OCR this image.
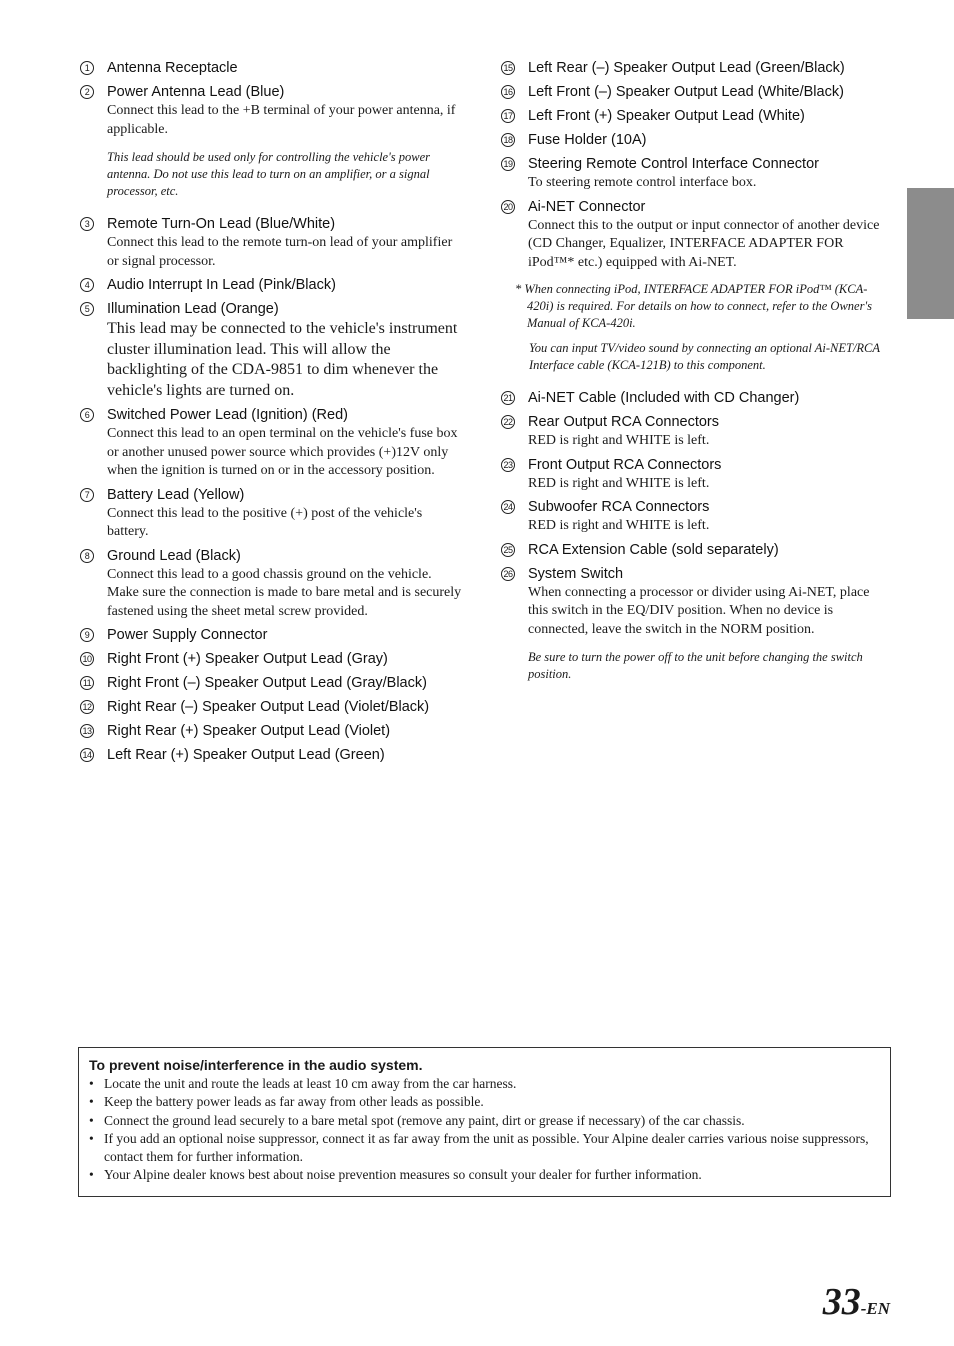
1	Antenna Receptacle
2	Power Antenna Lead (Blue)
Connect this lead to the +B terminal of your power antenna, if applicable.
This lead should be used only for controlling the vehicle's power antenna. Do not use this lead to turn on an amplifier, or a signal processor, etc.
3	Remote Turn-On Lead (Blue/White)
Connect this lead to the remote turn-on lead of your amplifier or signal processor.
4	Audio Interrupt In Lead (Pink/Black)
5	Illumination Lead (Orange)
This lead may be connected to the vehicle's instrument cluster illumination lead. This will allow the backlighting of the CDA-9851 to dim whenever the vehicle's lights are turned on.
6	Switched Power Lead (Ignition) (Red)
Connect this lead to an open terminal on the vehicle's fuse box or another unused power source which provides (+)12V only when the ignition is turned on or in the accessory position.
7	Battery Lead (Yellow)
Connect this lead to the positive (+) post of the vehicle's battery.
8	Ground Lead (Black)
Connect this lead to a good chassis ground on the vehicle. Make sure the connection is made to bare metal and is securely fastened using the sheet metal screw provided.
9	Power Supply Connector
10 Right Front (+) Speaker Output Lead (Gray)
11 Right Front (–) Speaker Output Lead (Gray/Black)
12 Right Rear (–) Speaker Output Lead (Violet/Black)
13 Right Rear (+) Speaker Output Lead (Violet)
14 Left Rear (+) Speaker Output Lead (Green)
15 Left Rear (–) Speaker Output Lead (Green/Black)
16 Left Front (–) Speaker Output Lead (White/Black)
17 Left Front (+) Speaker Output Lead (White)
18 Fuse Holder (10A)
19 Steering Remote Control Interface Connector
To steering remote control interface box.
20 Ai-NET Connector
Connect this to the output or input connector of another device (CD Changer, Equalizer, INTERFACE ADAPTER FOR iPod™* etc.) equipped with Ai-NET.
* When connecting iPod, INTERFACE ADAPTER FOR iPod™ (KCA-420i) is required. For details on how to connect, refer to the Owner's Manual of KCA-420i.
You can input TV/video sound by connecting an optional Ai-NET/RCA Interface cable (KCA-121B) to this component.
21 Ai-NET Cable (Included with CD Changer)
22 Rear Output RCA Connectors
RED is right and WHITE is left.
23 Front Output RCA Connectors
RED is right and WHITE is left.
24 Subwoofer RCA Connectors
RED is right and WHITE is left.
25 RCA Extension Cable (sold separately)
26 System Switch
When connecting a processor or divider using Ai-NET, place this switch in the EQ/DIV position. When no device is connected, leave the switch in the NORM position.
Be sure to turn the power off to the unit before changing the switch position.
To prevent noise/interference in the audio system.
• Locate the unit and route the leads at least 10 cm away from the car harness.
• Keep the battery power leads as far away from other leads as possible.
• Connect the ground lead securely to a bare metal spot (remove any paint, dirt or grease if necessary) of the car chassis.
• If you add an optional noise suppressor, connect it as far away from the unit as possible. Your Alpine dealer carries various noise suppressors, contact them for further information.
• Your Alpine dealer knows best about noise prevention measures so consult your dealer for further information.
33-EN
